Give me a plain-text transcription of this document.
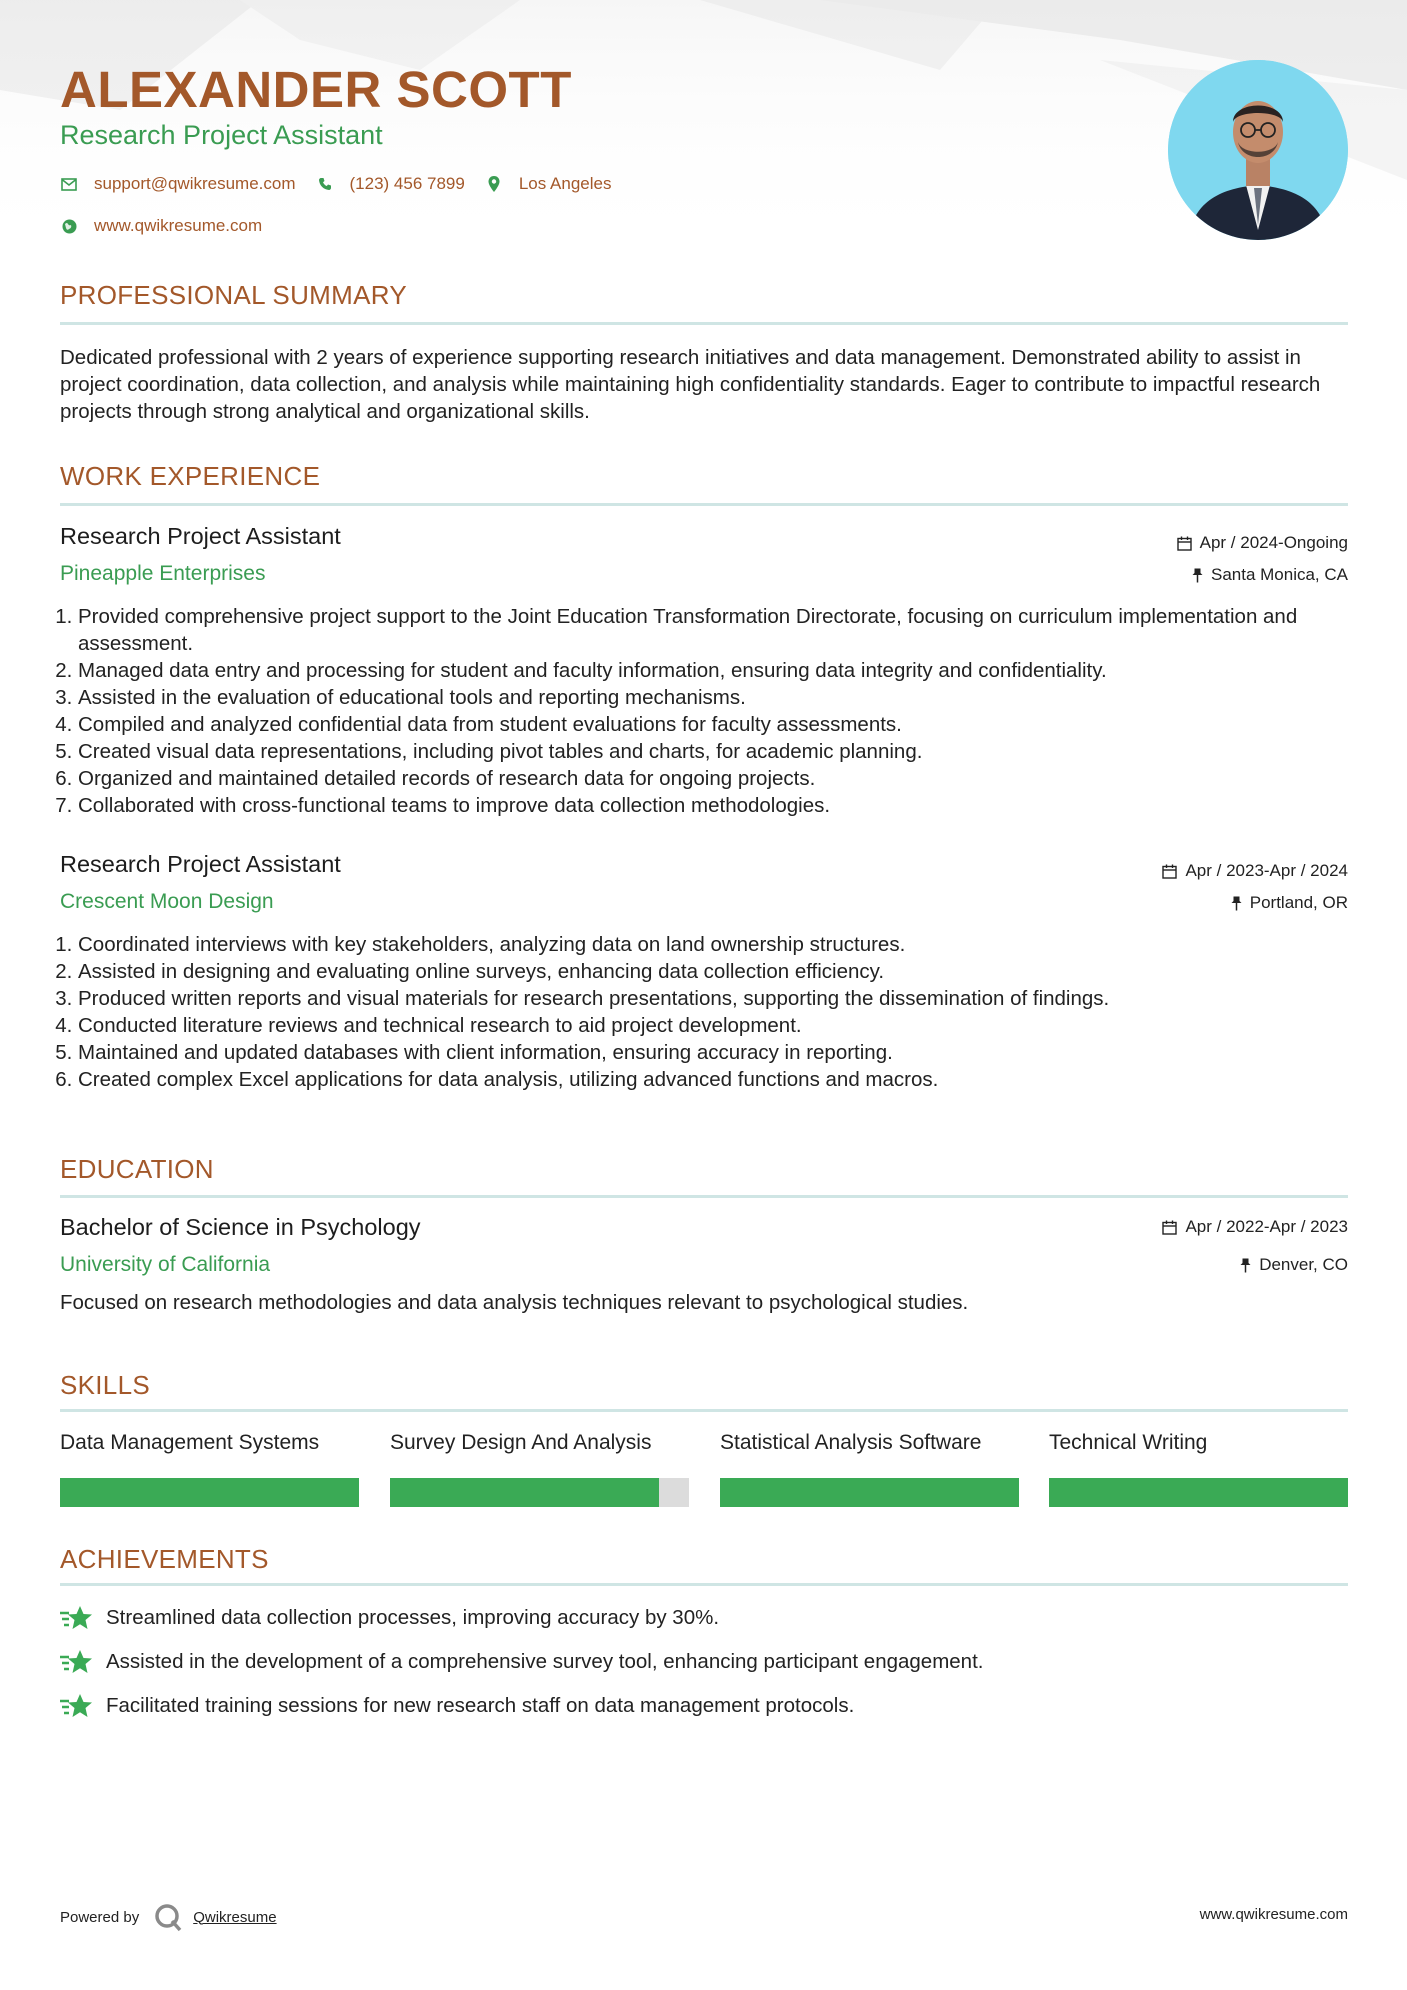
ALEXANDER SCOTT
Research Project Assistant
support@qwikresume.com	(123) 456 7899	Los Angeles
www.qwikresume.com
PROFESSIONAL SUMMARY
Dedicated professional with 2 years of experience supporting research initiatives and data management. Demonstrated ability to assist in project coordination, data collection, and analysis while maintaining high confidentiality standards. Eager to contribute to impactful research projects through strong analytical and organizational skills.
WORK EXPERIENCE
Research Project Assistant	Apr / 2024-Ongoing
Pineapple Enterprises	Santa Monica, CA
1. Provided comprehensive project support to the Joint Education Transformation Directorate, focusing on curriculum implementation and assessment.
2. Managed data entry and processing for student and faculty information, ensuring data integrity and confidentiality.
3. Assisted in the evaluation of educational tools and reporting mechanisms.
4. Compiled and analyzed confidential data from student evaluations for faculty assessments.
5. Created visual data representations, including pivot tables and charts, for academic planning.
6. Organized and maintained detailed records of research data for ongoing projects.
7. Collaborated with cross-functional teams to improve data collection methodologies.
Research Project Assistant	Apr / 2023-Apr / 2024
Crescent Moon Design	Portland, OR
1. Coordinated interviews with key stakeholders, analyzing data on land ownership structures.
2. Assisted in designing and evaluating online surveys, enhancing data collection efficiency.
3. Produced written reports and visual materials for research presentations, supporting the dissemination of findings.
4. Conducted literature reviews and technical research to aid project development.
5. Maintained and updated databases with client information, ensuring accuracy in reporting.
6. Created complex Excel applications for data analysis, utilizing advanced functions and macros.
EDUCATION
Bachelor of Science in Psychology	Apr / 2022-Apr / 2023
University of California	Denver, CO
Focused on research methodologies and data analysis techniques relevant to psychological studies.
SKILLS
Data Management Systems	Survey Design And Analysis	Statistical Analysis Software	Technical Writing
ACHIEVEMENTS
Streamlined data collection processes, improving accuracy by 30%.
Assisted in the development of a comprehensive survey tool, enhancing participant engagement.
Facilitated training sessions for new research staff on data management protocols.
Powered by	Qwikresume	www.qwikresume.com
